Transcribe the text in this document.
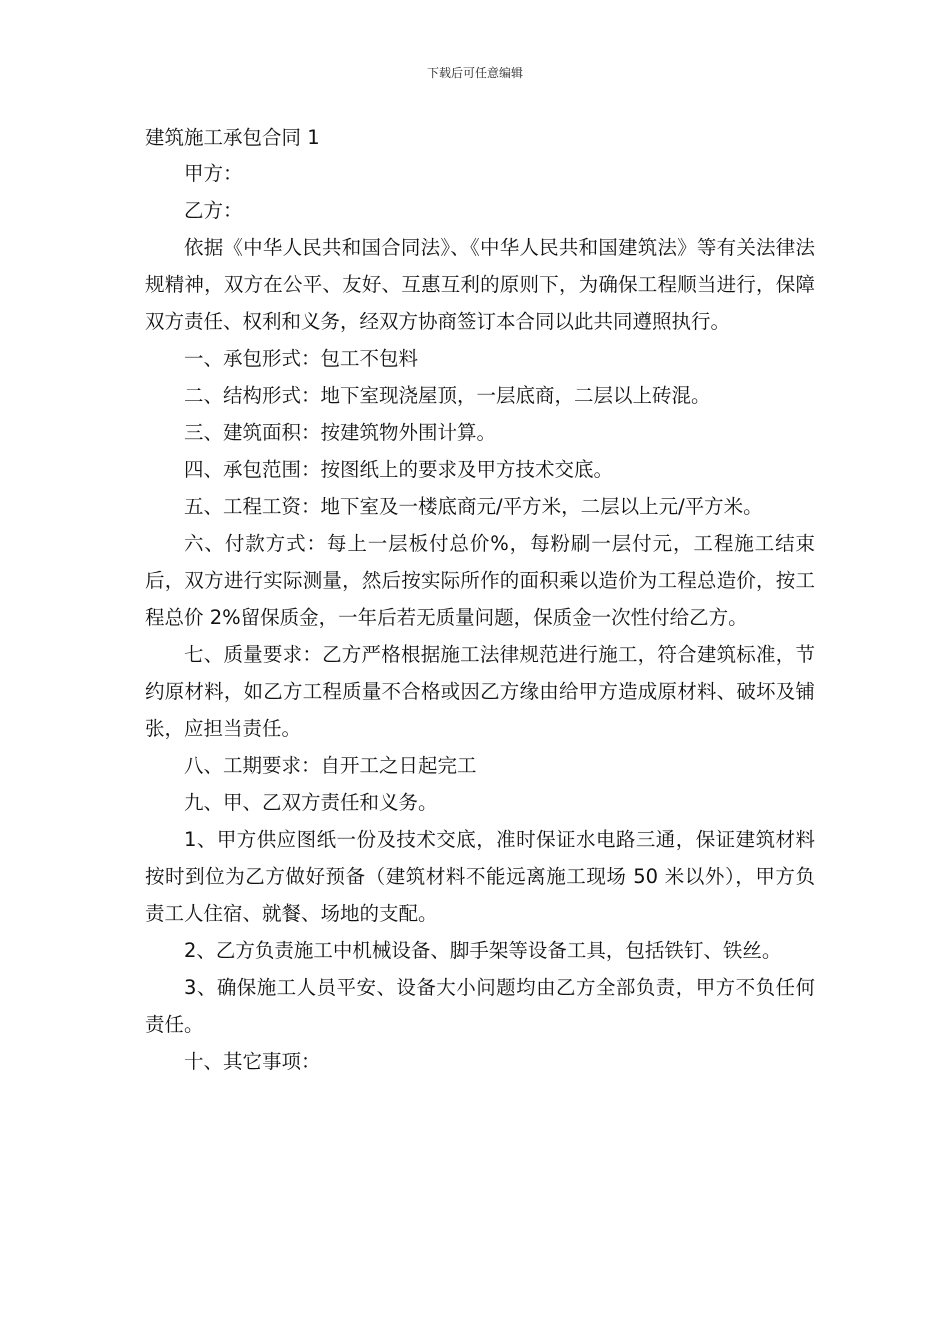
下载后可任意编辑
建筑施工承包合同 1

甲方：

乙方：

依据《中华人民共和国合同法》、《中华人民共和国建筑法》等有关法律法规精神，双方在公平、友好、互惠互利的原则下，为确保工程顺当进行，保障双方责任、权利和义务，经双方协商签订本合同以此共同遵照执行。

一、承包形式：包工不包料

二、结构形式：地下室现浇屋顶，一层底商，二层以上砖混。

三、建筑面积：按建筑物外围计算。

四、承包范围：按图纸上的要求及甲方技术交底。

五、工程工资：地下室及一楼底商元/平方米，二层以上元/平方米。

六、付款方式：每上一层板付总价%，每粉刷一层付元，工程施工结束后，双方进行实际测量，然后按实际所作的面积乘以造价为工程总造价，按工程总价 2%留保质金，一年后若无质量问题，保质金一次性付给乙方。

七、质量要求：乙方严格根据施工法律规范进行施工，符合建筑标准，节约原材料，如乙方工程质量不合格或因乙方缘由给甲方造成原材料、破坏及铺张，应担当责任。

八、工期要求：自开工之日起完工

九、甲、乙双方责任和义务。

1、甲方供应图纸一份及技术交底，准时保证水电路三通，保证建筑材料按时到位为乙方做好预备（建筑材料不能远离施工现场 50 米以外），甲方负责工人住宿、就餐、场地的支配。

2、乙方负责施工中机械设备、脚手架等设备工具，包括铁钉、铁丝。

3、确保施工人员平安、设备大小问题均由乙方全部负责，甲方不负任何责任。

十、其它事项：
